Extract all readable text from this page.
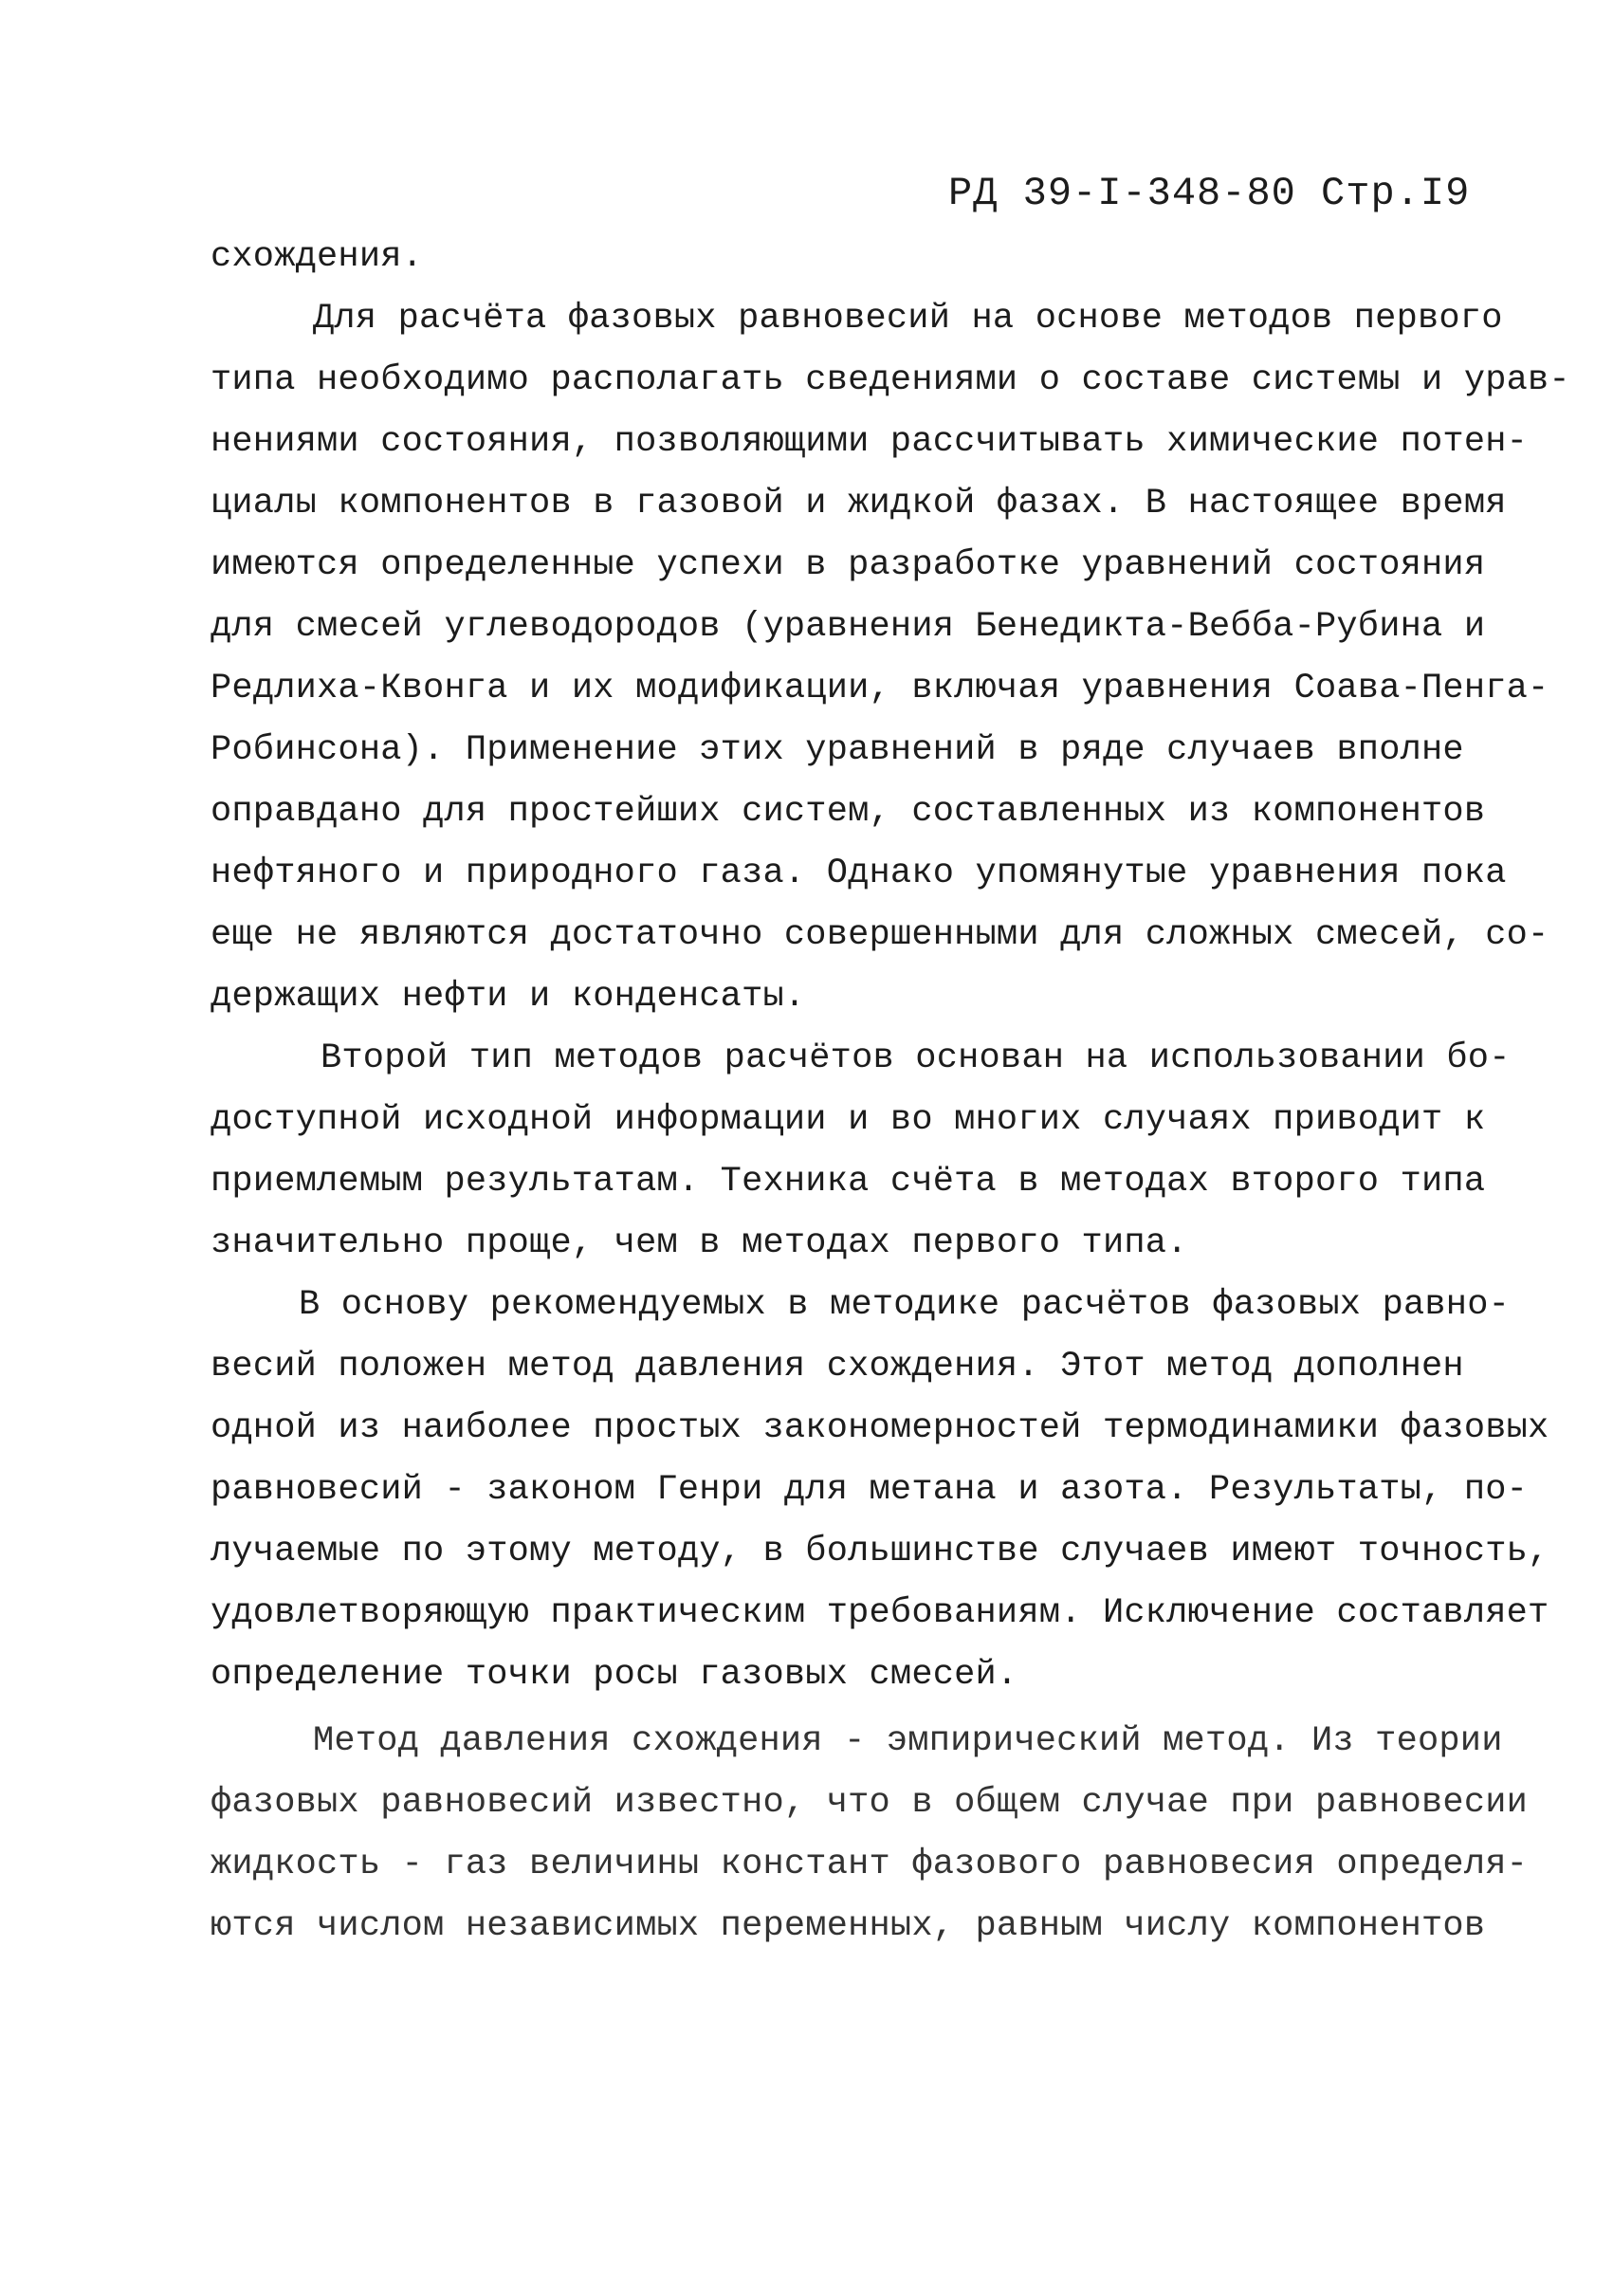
РД 39-I-348-80 Стр.I9
схождения.
Для расчёта фазовых равновесий на основе методов первого
типа необходимо располагать сведениями о составе системы и урав-
нениями состояния, позволяющими рассчитывать химические потен-
циалы компонентов в газовой и жидкой фазах. В настоящее время
имеются определенные успехи в разработке уравнений состояния
для смесей углеводородов (уравнения Бенедикта-Вебба-Рубина и
Редлиха-Квонга и их модификации, включая уравнения Соава-Пенга-
Робинсона). Применение этих уравнений в ряде случаев вполне
оправдано для простейших систем, составленных из компонентов
нефтяного и природного газа. Однако упомянутые уравнения пока
еще не являются достаточно совершенными для сложных смесей, со-
держащих нефти и конденсаты.
Второй тип методов расчётов основан на использовании бо-
доступной исходной информации и во многих случаях приводит к
приемлемым результатам. Техника счёта в методах второго типа
значительно проще, чем в методах первого типа.
В основу рекомендуемых в методике расчётов фазовых равно-
весий положен метод давления схождения. Этот метод дополнен
одной из наиболее простых закономерностей термодинамики фазовых
равновесий - законом Генри для метана и азота. Результаты, по-
лучаемые по этому методу, в большинстве случаев имеют точность,
удовлетворяющую практическим требованиям. Исключение составляет
определение точки росы газовых смесей.
Метод давления схождения - эмпирический метод. Из теории
фазовых равновесий известно, что в общем случае при равновесии
жидкость - газ величины констант фазового равновесия определя-
ются числом независимых переменных, равным числу компонентов
